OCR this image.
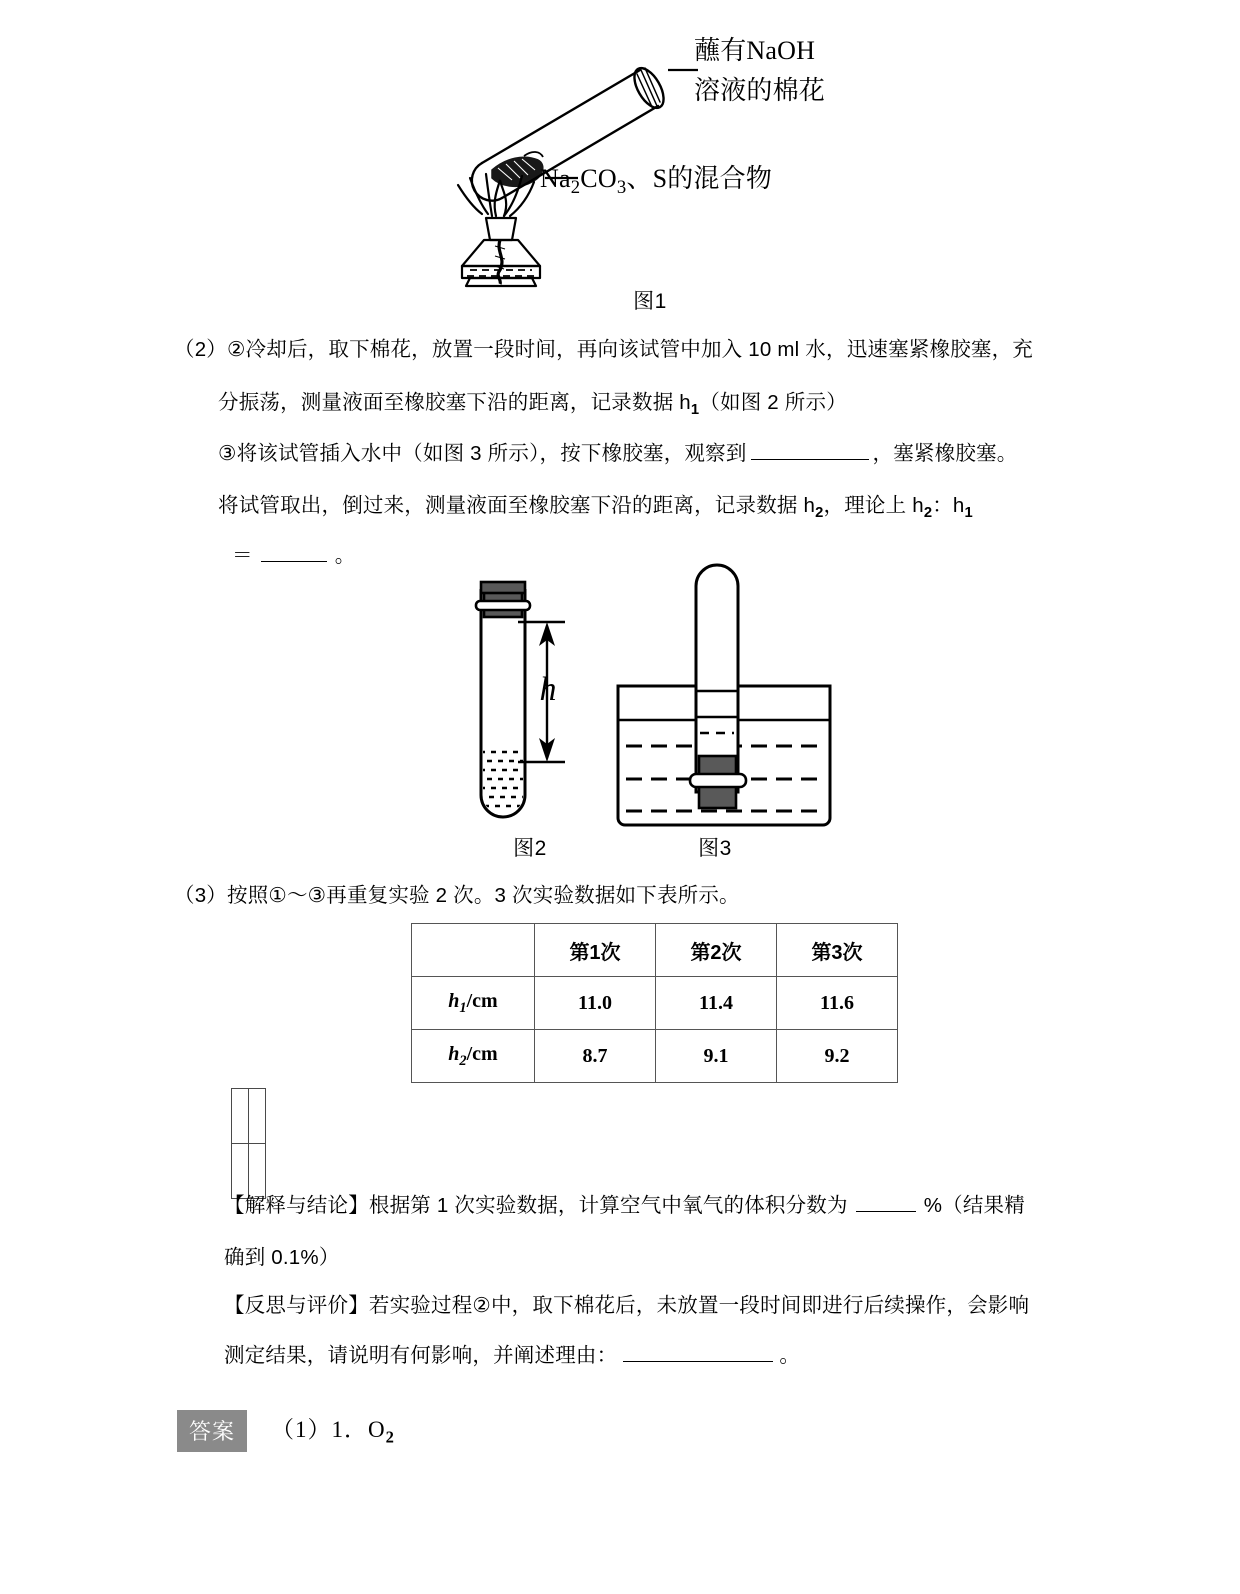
蘸有NaOH
溶液的棉花
$Na_2CO_3$、S的混合物
图1
（2）②冷却后，取下棉花，放置一段时间，再向该试管中加入 10 ml 水，迅速塞紧橡胶塞，充
分振荡，测量液面至橡胶塞下沿的距离，记录数据 $h_1$（如图 2 所示）
③将该试管插入水中（如图 3 所示），按下橡胶塞，观察到	，塞紧橡胶塞。
将试管取出，倒过来，测量液面至橡胶塞下沿的距离，记录数据 $h_2$，理论上 $h_2$：$h_1$
＝	。
h
图2	图3
（3）按照①～③再重复实验 2 次。3 次实验数据如下表所示。
	第1次	第2次	第3次
$h_1/cm$	11.0	11.4	11.6
$h_2/cm$	8.7	9.1	9.2

【解释与结论】根据第 1 次实验数据，计算空气中氧气的体积分数为	%（结果精
确到 0.1%）
【反思与评价】若实验过程②中，取下棉花后，未放置一段时间即进行后续操作，会影响
测定结果，请说明有何影响，并阐述理由：	。
答案 （1）1．$O_2$
